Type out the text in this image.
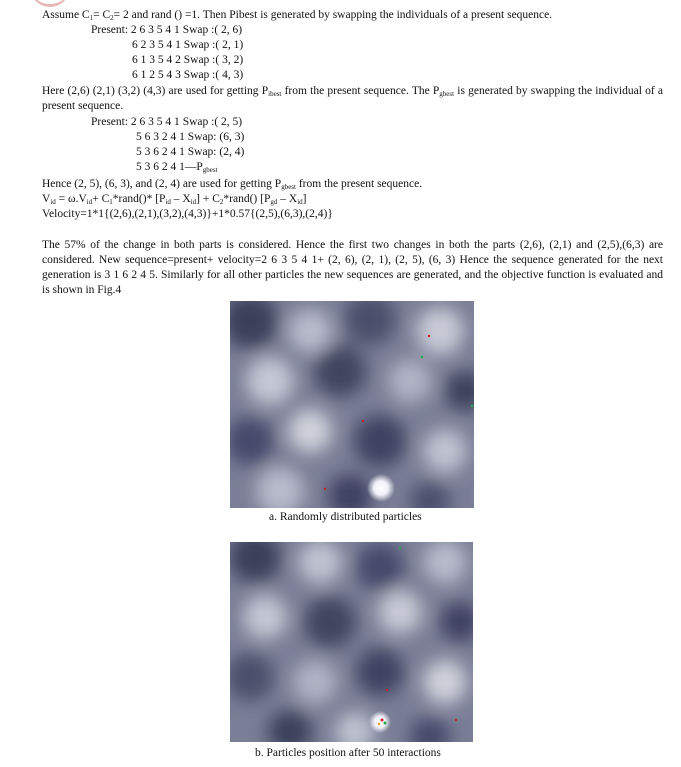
Assume $C_1= C_2= 2$ and rand () =1. Then Pibest is generated by swapping the individuals of a present sequence.
Present: 2 6 3 5 4 1 Swap :( 2, 6)
6 2 3 5 4 1 Swap :( 2, 1)
6 1 3 5 4 2 Swap :( 3, 2)
6 1 2 5 4 3 Swap :( 4, 3)
Here (2,6) (2,1) (3,2) (4,3) are used for getting $P_{ibest}$ from the present sequence. The $P_{gbest}$ is generated by swapping the individual of a present sequence.
Present: 2 6 3 5 4 1 Swap :( 2, 5)
5 6 3 2 4 1 Swap: (6, 3)
5 3 6 2 4 1 Swap: (2, 4)
5 3 6 2 4 $1—P_{gbest}$
Hence (2, 5), (6, 3), and (2, 4) are used for getting $P_{gbest}$ from the present sequence.
$V_{id} = \omega.V_{id}+$ $C_1*rand()*$ $[P_{id} - X_{id}]$ + $C_2*rand()$ $[P_{gd} - X_{id}]$
Velocity=1*1{(2,6),(2,1),(3,2),(4,3)}+1*0.57{(2,5),(6,3),(2,4)}
The 57% of the change in both parts is considered. Hence the first two changes in both the parts (2,6), (2,1) and (2,5),(6,3) are considered. New sequence=present+ velocity=2 6 3 5 4 1+ (2, 6), (2, 1), (2, 5), (6, 3) Hence the sequence generated for the next generation is 3 1 6 2 4 5. Similarly for all other particles the new sequences are generated, and the objective function is evaluated and is shown in Fig.4
a. Randomly distributed particles
b. Particles position after 50 interactions
